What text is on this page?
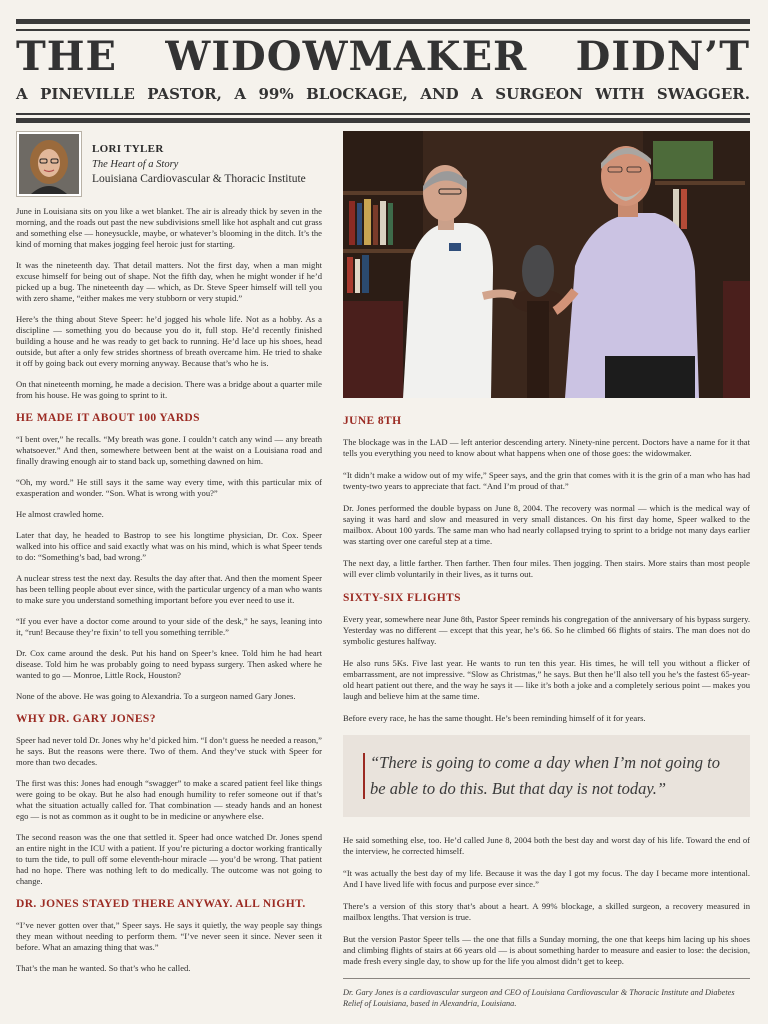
THE WIDOWMAKER DIDN’T
A PINEVILLE PASTOR, A 99% BLOCKAGE, AND A SURGEON WITH SWAGGER.
LORI TYLER
The Heart of a Story
Louisiana Cardiovascular & Thoracic Institute

June in Louisiana sits on you like a wet blanket. The air is already thick by seven in the morning, and the roads out past the new subdivisions smell like hot asphalt and cut grass and something else — honeysuckle, maybe, or whatever’s blooming in the ditch. It’s the kind of morning that makes jogging feel heroic just for starting.

It was the nineteenth day. That detail matters. Not the first day, when a man might excuse himself for being out of shape. Not the fifth day, when he might wonder if he’d picked up a bug. The nineteenth day — which, as Dr. Steve Speer himself will tell you with zero shame, “either makes me very stubborn or very stupid.”

Here’s the thing about Steve Speer: he’d jogged his whole life. Not as a hobby. As a discipline — something you do because you do it, full stop. He’d recently finished building a house and he was ready to get back to running. He’d lace up his shoes, head outside, but after a only few strides shortness of breath overcame him. He tried to shake it off by going back out every morning anyway. Because that’s who he is.

On that nineteenth morning, he made a decision. There was a bridge about a quarter mile from his house. He was going to sprint to it.

HE MADE IT ABOUT 100 YARDS

“I bent over,” he recalls. “My breath was gone. I couldn’t catch any wind — any breath whatsoever.” And then, somewhere between bent at the waist on a Louisiana road and finally drawing enough air to stand back up, something dawned on him.

“Oh, my word.” He still says it the same way every time, with this particular mix of exasperation and wonder. “Son. What is wrong with you?”

He almost crawled home.

Later that day, he headed to Bastrop to see his longtime physician, Dr. Cox. Speer walked into his office and said exactly what was on his mind, which is what Speer tends to do: “Something’s bad, bad wrong.”

A nuclear stress test the next day. Results the day after that. And then the moment Speer has been telling people about ever since, with the particular urgency of a man who wants to make sure you understand something important before you ever need to use it.

“If you ever have a doctor come around to your side of the desk,” he says, leaning into it, “run! Because they’re fixin’ to tell you something terrible.”

Dr. Cox came around the desk. Put his hand on Speer’s knee. Told him he had heart disease. Told him he was probably going to need bypass surgery. Then asked where he wanted to go — Monroe, Little Rock, Houston?

None of the above. He was going to Alexandria. To a surgeon named Gary Jones.

WHY DR. GARY JONES?

Speer had never told Dr. Jones why he’d picked him. “I don’t guess he needed a reason,” he says. But the reasons were there. Two of them. And they’ve stuck with Speer for more than two decades.

The first was this: Jones had enough “swagger” to make a scared patient feel like things were going to be okay. But he also had enough humility to refer someone out if that’s what the situation actually called for. That combination — steady hands and an honest ego — is not as common as it ought to be in medicine or anywhere else.

The second reason was the one that settled it. Speer had once watched Dr. Jones spend an entire night in the ICU with a patient. If you’re picturing a doctor working frantically to turn the tide, to pull off some eleventh-hour miracle — you’d be wrong. That patient had no hope. There was nothing left to do medically. The outcome was not going to change.

DR. JONES STAYED THERE ANYWAY. ALL NIGHT.

“I’ve never gotten over that,” Speer says. He says it quietly, the way people say things they mean without needing to perform them. “I’ve never seen it since. Never seen it before. What an amazing thing that was.”

That’s the man he wanted. So that’s who he called.

JUNE 8TH

The blockage was in the LAD — left anterior descending artery. Ninety-nine percent. Doctors have a name for it that tells you everything you need to know about what happens when one of those goes: the widowmaker.

“It didn’t make a widow out of my wife,” Speer says, and the grin that comes with it is the grin of a man who has had twenty-two years to appreciate that fact. “And I’m proud of that.”

Dr. Jones performed the double bypass on June 8, 2004. The recovery was normal — which is the medical way of saying it was hard and slow and measured in very small distances. On his first day home, Speer walked to the mailbox. About 100 yards. The same man who had nearly collapsed trying to sprint to a bridge not many days earlier was starting over one careful step at a time.

The next day, a little farther. Then farther. Then four miles. Then jogging. Then stairs. More stairs than most people will ever climb voluntarily in their lives, as it turns out.

SIXTY-SIX FLIGHTS

Every year, somewhere near June 8th, Pastor Speer reminds his congregation of the anniversary of his bypass surgery. Yesterday was no different — except that this year, he’s 66. So he climbed 66 flights of stairs. The man does not do symbolic gestures halfway.

He also runs 5Ks. Five last year. He wants to run ten this year. His times, he will tell you without a flicker of embarrassment, are not impressive. “Slow as Christmas,” he says. But then he’ll also tell you he’s the fastest 65-year-old heart patient out there, and the way he says it — like it’s both a joke and a completely serious point — makes you laugh and believe him at the same time.

Before every race, he has the same thought. He’s been reminding himself of it for years.

“There is going to come a day when I’m not going to be able to do this. But that day is not today.”

He said something else, too. He’d called June 8, 2004 both the best day and worst day of his life. Toward the end of the interview, he corrected himself.

“It was actually the best day of my life. Because it was the day I got my focus. The day I became more intentional. And I have lived life with focus and purpose ever since.”

There’s a version of this story that’s about a heart. A 99% blockage, a skilled surgeon, a recovery measured in mailbox lengths. That version is true.

But the version Pastor Speer tells — the one that fills a Sunday morning, the one that keeps him lacing up his shoes and climbing flights of stairs at 66 years old — is about something harder to measure and easier to lose: the decision, made fresh every single day, to show up for the life you almost didn’t get to keep.

Dr. Gary Jones is a cardiovascular surgeon and CEO of Louisiana Cardiovascular & Thoracic Institute and Diabetes Relief of Louisiana, based in Alexandria, Louisiana.
